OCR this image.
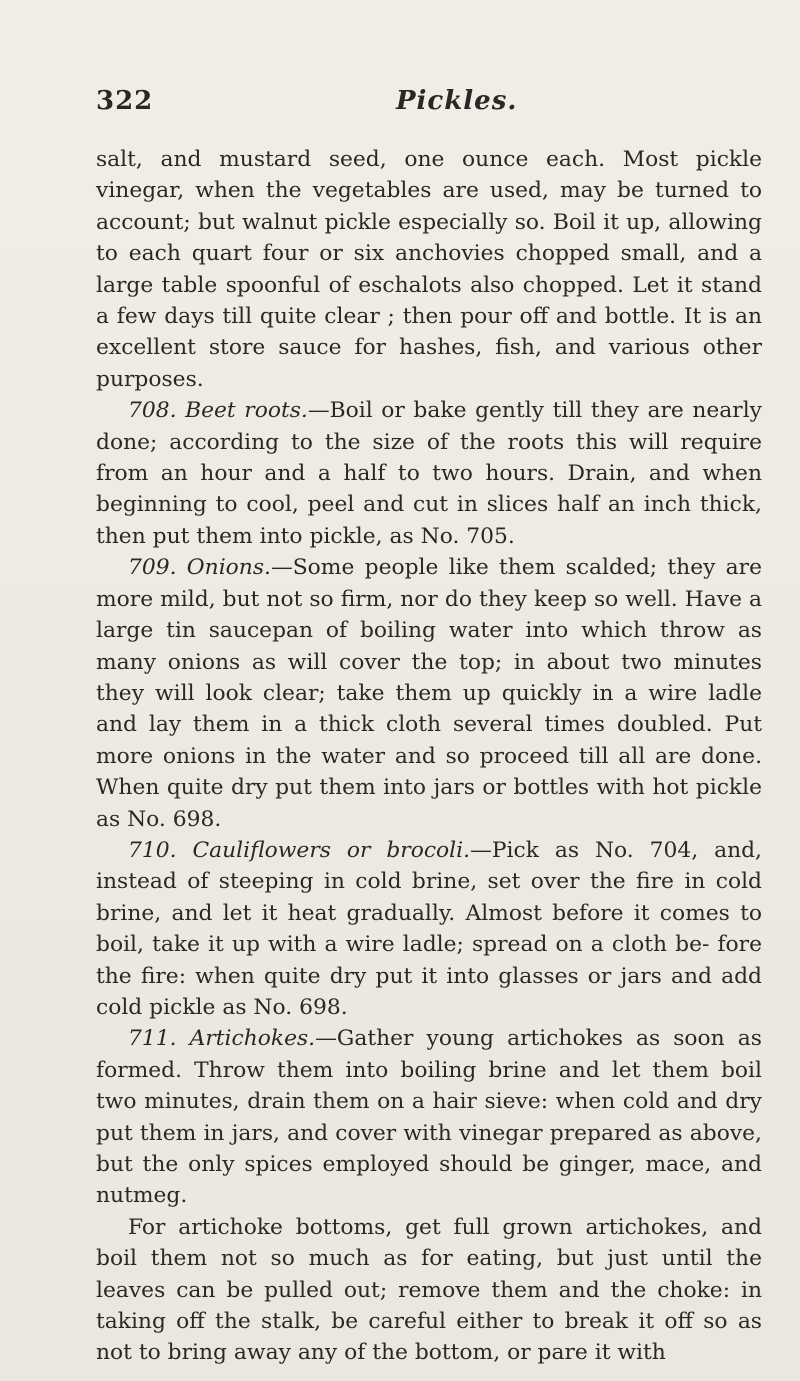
322	Pickles.

salt, and mustard seed, one ounce each. Most pickle vinegar, when the vegetables are used, may be turned to account; but walnut pickle especially so. Boil it up, allowing to each quart four or six anchovies chopped small, and a large table spoonful of eschalots also chopped. Let it stand a few days till quite clear ; then pour off and bottle. It is an excellent store sauce for hashes, fish, and various other purposes.

708. Beet roots.—Boil or bake gently till they are nearly done; according to the size of the roots this will require from an hour and a half to two hours. Drain, and when beginning to cool, peel and cut in slices half an inch thick, then put them into pickle, as No. 705.

709. Onions.—Some people like them scalded; they are more mild, but not so firm, nor do they keep so well. Have a large tin saucepan of boiling water into which throw as many onions as will cover the top; in about two minutes they will look clear; take them up quickly in a wire ladle and lay them in a thick cloth several times doubled. Put more onions in the water and so proceed till all are done. When quite dry put them into jars or bottles with hot pickle as No. 698.

710. Cauliflowers or brocoli.—Pick as No. 704, and, instead of steeping in cold brine, set over the fire in cold brine, and let it heat gradually. Almost before it comes to boil, take it up with a wire ladle; spread on a cloth be- fore the fire: when quite dry put it into glasses or jars and add cold pickle as No. 698.

711. Artichokes.—Gather young artichokes as soon as formed. Throw them into boiling brine and let them boil two minutes, drain them on a hair sieve: when cold and dry put them in jars, and cover with vinegar prepared as above, but the only spices employed should be ginger, mace, and nutmeg.

For artichoke bottoms, get full grown artichokes, and boil them not so much as for eating, but just until the leaves can be pulled out; remove them and the choke: in taking off the stalk, be careful either to break it off so as not to bring away any of the bottom, or pare it with
